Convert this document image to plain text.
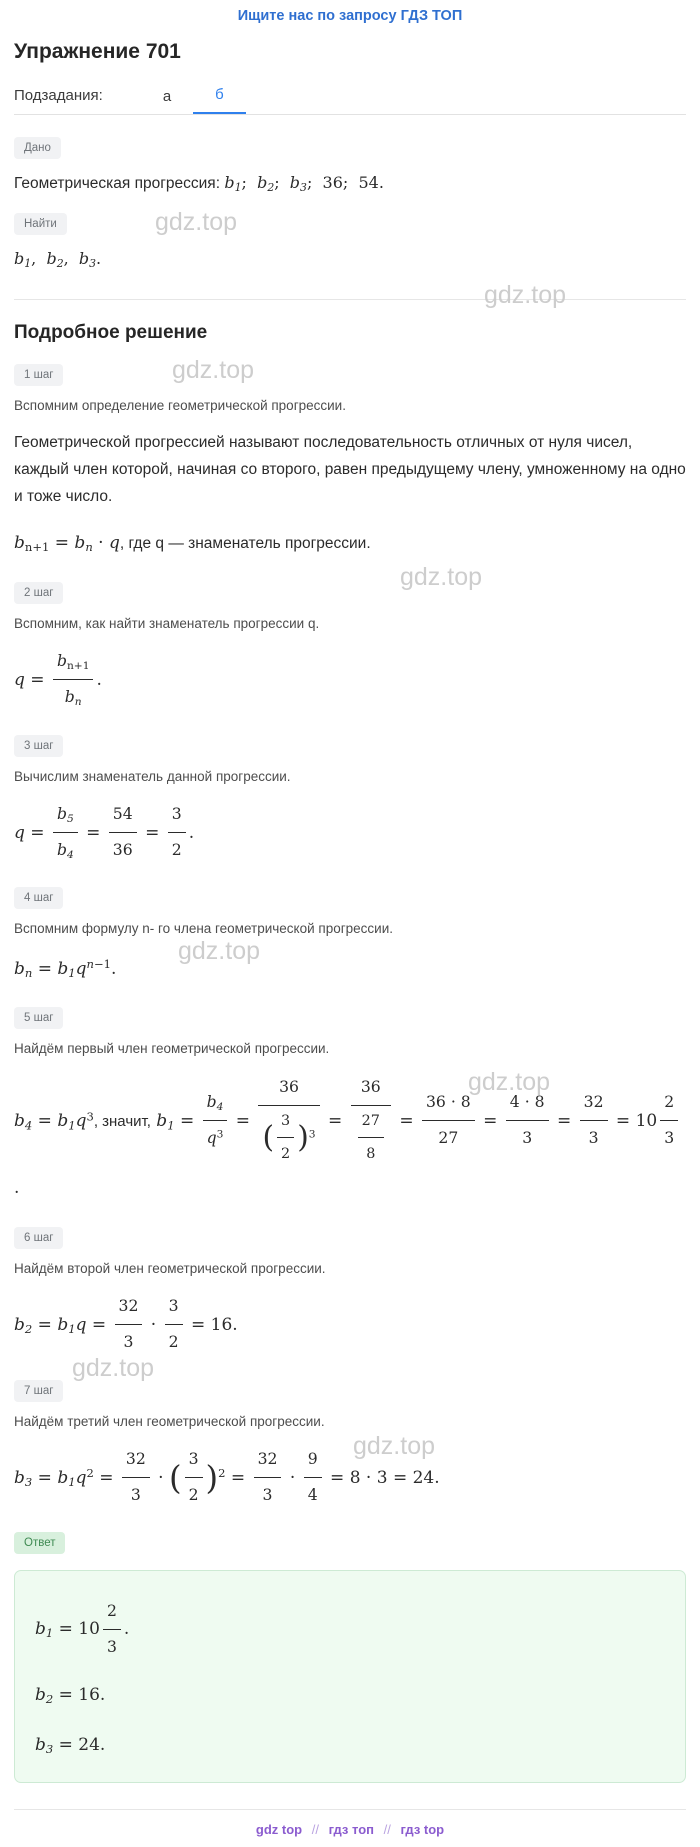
Ищите нас по запросу ГДЗ ТОП
Упражнение 701
Подзадания:	а	б
Дано
Геометрическая прогрессия: $b_1$;  $b_2$;  $b_3$;  36;  54.
Найти
$b_1$,  $b_2$,  $b_3$.
Подробное решение
1 шаг
Вспомним определение геометрической прогрессии.
Геометрической прогрессией называют последовательность отличных от нуля чисел, каждый член которой, начиная со второго, равен предыдущему члену, умноженному на одно и тоже число.
$bn+1 = b_n \cdot q$, где q — знаменатель прогрессии.
2 шаг
Вспомним, как найти знаменатель прогрессии q.
$q = \frac{bn+1}{b_n}$ .
3 шаг
Вычислим знаменатель данной прогрессии.
$q = \frac{b_5}{b_4} = \frac{54}{36} = \frac{3}{2}$ .
4 шаг
Вспомним формулу n- го члена геометрической прогрессии.
$b_n = b_1q^{n-1}$.
5 шаг
Найдём первый член геометрической прогрессии.
$b_4 = b_1q^3$, значит, $b_1 = \frac{b_4}{q^3} = \frac{36}{( \frac{3}{2} )^3} = \frac{36}{\frac{27}{8}} = \frac{36 \cdot 8}{27} = \frac{4 \cdot 8}{3} = \frac{32}{3} = 10 \frac{2}{3}$
.
6 шаг
Найдём второй член геометрической прогрессии.
$b_2 = b_1q = \frac{32}{3} \cdot \frac{3}{2} = 16$.
7 шаг
Найдём третий член геометрической прогрессии.
$b_3 = b_1q^2 = \frac{32}{3}$ · ( $\frac{3}{2} )^2 = \frac{32}{3} \cdot \frac{9}{4} = 8 \cdot 3 = 24$.
Ответ
$b_1 = 10 \frac{2}{3}$ .
$b_2 = 16$.
$b_3 = 24$.
gdz top // гдз топ // гдз top
gdz.top
gdz.top
gdz.top
gdz.top
gdz.top
gdz.top
gdz.top
gdz.top
